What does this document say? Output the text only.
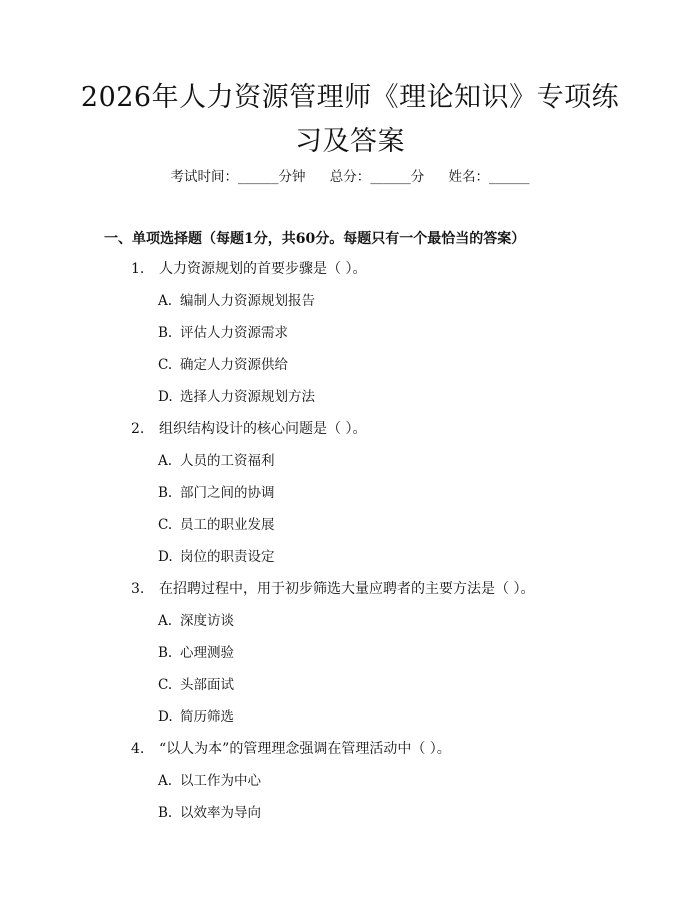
2026年人力资源管理师《理论知识》专项练
习及答案
考试时间：______分钟 总分：______分 姓名：______
一、单项选择题（每题1分，共60分。每题只有一个最恰当的答案）
1. 人力资源规划的首要步骤是（ ）。
A. 编制人力资源规划报告
B. 评估人力资源需求
C. 确定人力资源供给
D. 选择人力资源规划方法
2. 组织结构设计的核心问题是（ ）。
A. 人员的工资福利
B. 部门之间的协调
C. 员工的职业发展
D. 岗位的职责设定
3. 在招聘过程中，用于初步筛选大量应聘者的主要方法是（ ）。
A. 深度访谈
B. 心理测验
C. 头部面试
D. 简历筛选
4. “以人为本”的管理理念强调在管理活动中（ ）。
A. 以工作为中心
B. 以效率为导向
